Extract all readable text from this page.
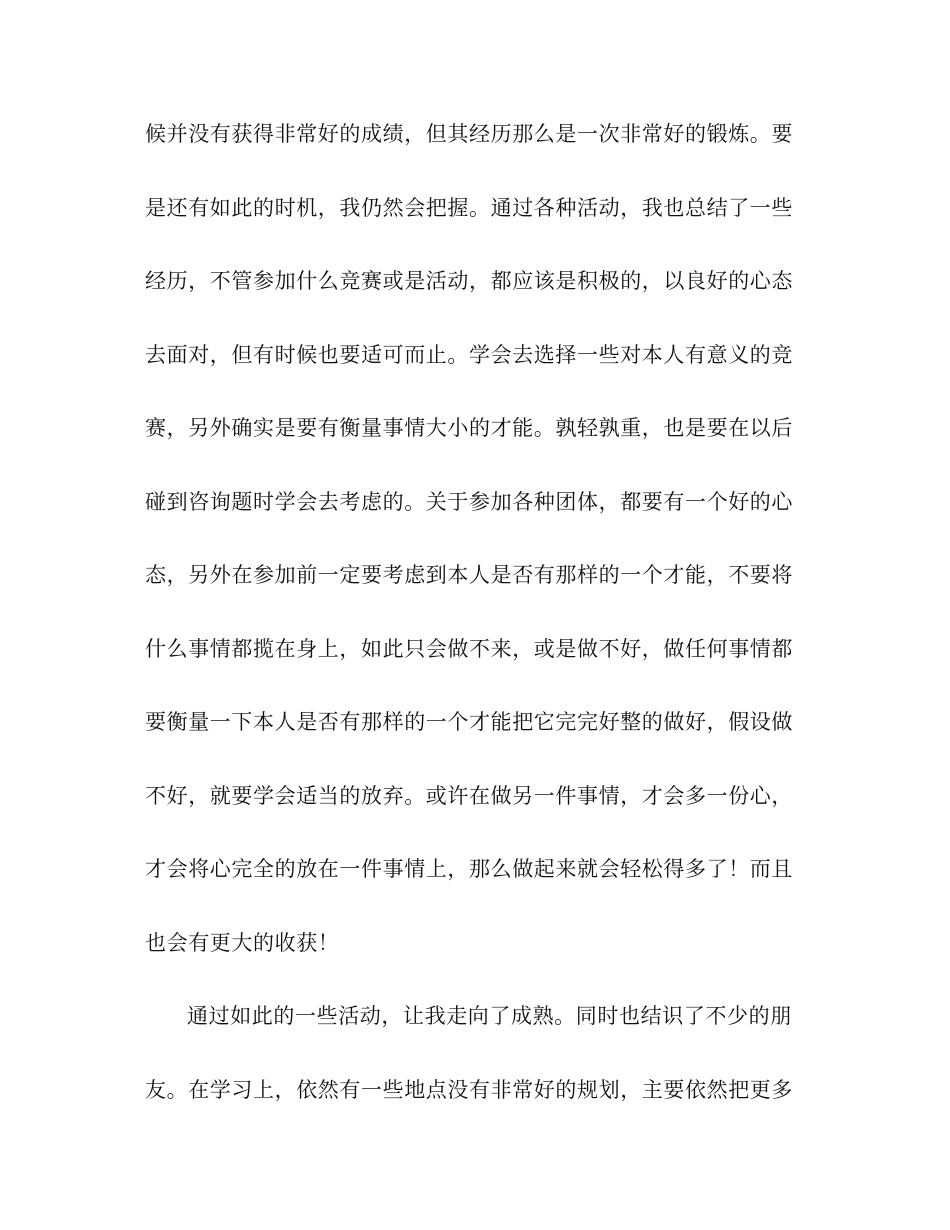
候并没有获得非常好的成绩，但其经历那么是一次非常好的锻炼。要
是还有如此的时机，我仍然会把握。通过各种活动，我也总结了一些
经历，不管参加什么竞赛或是活动，都应该是积极的，以良好的心态
去面对，但有时候也要适可而止。学会去选择一些对本人有意义的竞
赛，另外确实是要有衡量事情大小的才能。孰轻孰重，也是要在以后
碰到咨询题时学会去考虑的。关于参加各种团体，都要有一个好的心
态，另外在参加前一定要考虑到本人是否有那样的一个才能，不要将
什么事情都揽在身上，如此只会做不来，或是做不好，做任何事情都
要衡量一下本人是否有那样的一个才能把它完完好整的做好，假设做
不好，就要学会适当的放弃。或许在做另一件事情，才会多一份心，
才会将心完全的放在一件事情上，那么做起来就会轻松得多了！而且
也会有更大的收获！
通过如此的一些活动，让我走向了成熟。同时也结识了不少的朋
友。在学习上，依然有一些地点没有非常好的规划，主要依然把更多
